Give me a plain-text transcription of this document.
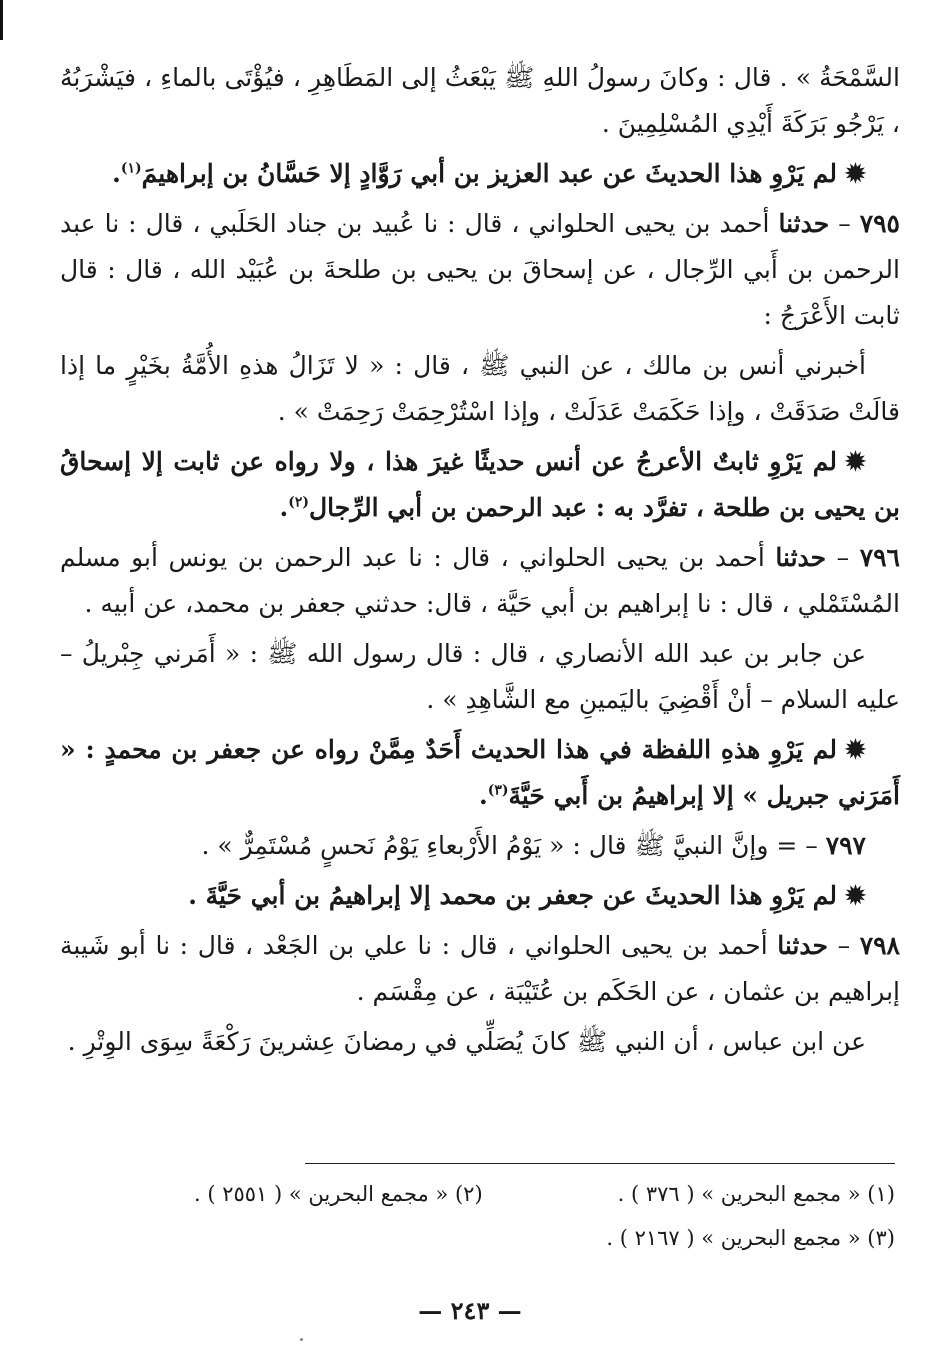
السَّمْحَةُ » . قال : وكانَ رسولُ اللهِ ﷺ يَبْعَثُ إلى المَطَاهِرِ ، فيُؤْتَى بالماءِ ، فيَشْرَبُهُ ، يَرْجُو بَرَكَةَ أَيْدِي المُسْلِمِينَ .

✹لم يَرْوِ هذا الحديثَ عن عبد العزيز بن أبي رَوَّادٍ إلا حَسَّانُ بن إبراهيمَ$^{(١)}$.

٧٩٥ – حدثنا أحمد بن يحيى الحلواني ، قال : نا عُبيد بن جناد الحَلَبي ، قال : نا عبد الرحمن بن أَبي الرِّجال ، عن إسحاقَ بن يحيى بن طلحةَ بن عُبَيْد الله ، قال : قال ثابت الأَعْرَجُ :

أخبرني أنس بن مالك ، عن النبي ﷺ ، قال : « لا تَزَالُ هذهِ الأُمَّةُ بخَيْرٍ ما إذا قالَتْ صَدَقَتْ ، وإذا حَكَمَتْ عَدَلَتْ ، وإذا اسْتُرْحِمَتْ رَحِمَتْ » .

✹لم يَرْوِ ثابتٌ الأعرجُ عن أنس حديثًا غيرَ هذا ، ولا رواه عن ثابت إلا إسحاقُ بن يحيى بن طلحة ، تفرَّد به : عبد الرحمن بن أبي الرِّجال$^{(٢)}$.

٧٩٦ – حدثنا أحمد بن يحيى الحلواني ، قال : نا عبد الرحمن بن يونس أبو مسلم المُسْتَمْلي ، قال : نا إبراهيم بن أبي حَيَّة ، قال: حدثني جعفر بن محمد، عن أبيه .

عن جابر بن عبد الله الأنصاري ، قال : قال رسول الله ﷺ : « أَمَرني جِبْريلُ – عليه السلام – أنْ أَقْضِيَ باليَمينِ مع الشَّاهِدِ » .

✹لم يَرْوِ هذهِ اللفظة في هذا الحديث أَحَدٌ مِمَّنْ رواه عن جعفر بن محمدٍ : « أَمَرَني جبريل » إلا إبراهيمُ بن أَبي حَيَّةَ$^{(٣)}$.

٧٩٧ – = وإنَّ النبيَّ ﷺ قال : « يَوْمُ الأَرْبعاءِ يَوْمُ نَحسٍ مُسْتَمِرٌّ » .

✹لم يَرْوِ هذا الحديثَ عن جعفر بن محمد إلا إبراهيمُ بن أبي حَيَّةَ .

٧٩٨ – حدثنا أحمد بن يحيى الحلواني ، قال : نا علي بن الجَعْد ، قال : نا أبو شَيبة إبراهيم بن عثمان ، عن الحَكَم بن عُتَيْبَة ، عن مِقْسَم .

عن ابن عباس ، أن النبي ﷺ كانَ يُصَلِّي في رمضانَ عِشرينَ رَكْعَةً سِوَى الوِتْرِ .

(١) « مجمع البحرين » ( ٣٧٦ ) .
(٢) « مجمع البحرين » ( ٢٥٥١ ) .
(٣) « مجمع البحرين » ( ٢١٦٧ ) .
— ٢٤٣ —
